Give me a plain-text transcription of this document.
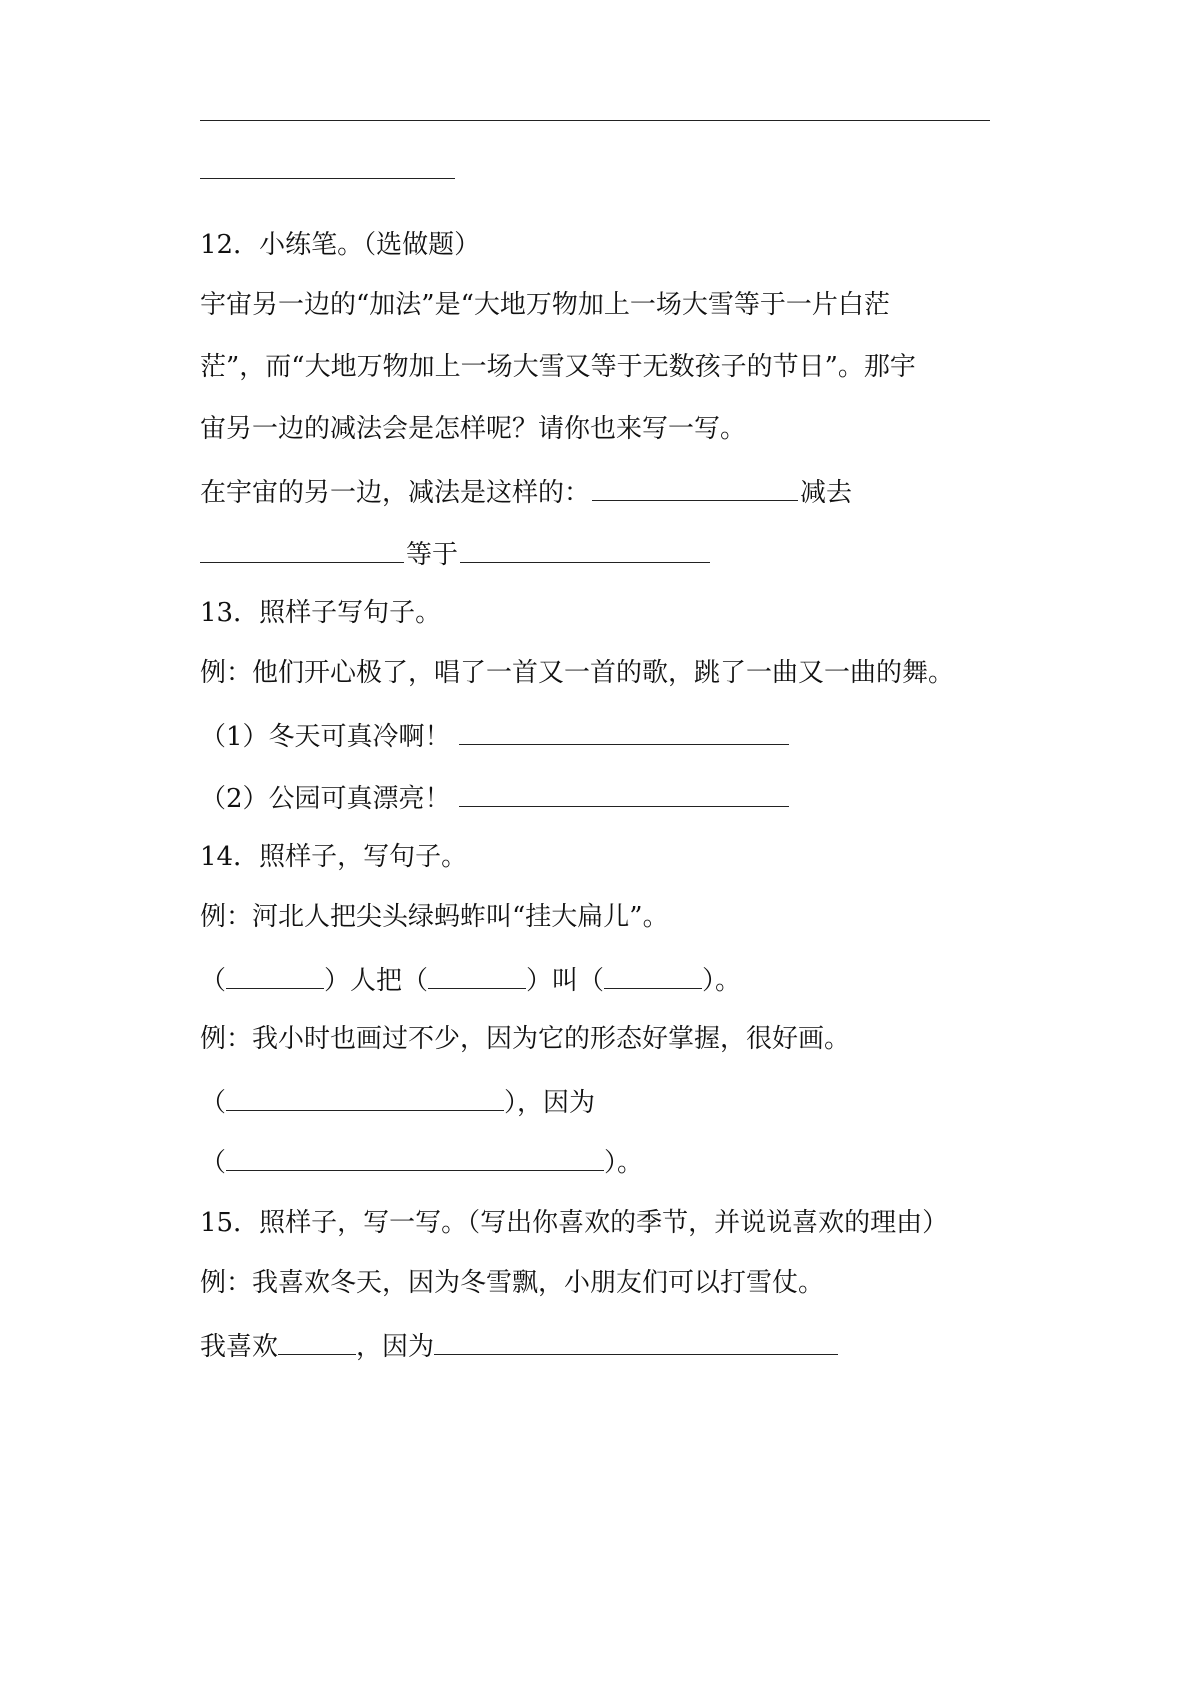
12．小练笔。（选做题）
宇宙另一边的“加法”是“大地万物加上一场大雪等于一片白茫
茫”，而“大地万物加上一场大雪又等于无数孩子的节日”。那宇
宙另一边的减法会是怎样呢？请你也来写一写。
在宇宙的另一边，减法是这样的：	减去
等于
13．照样子写句子。
例：他们开心极了，唱了一首又一首的歌，跳了一曲又一曲的舞。
（1）冬天可真冷啊！
（2）公园可真漂亮！
14．照样子，写句子。
例：河北人把尖头绿蚂蚱叫“挂大扁儿”。
（	）人把（	）叫（	）。
例：我小时也画过不少，因为它的形态好掌握，很好画。
（	），因为
（	）。
15．照样子，写一写。（写出你喜欢的季节，并说说喜欢的理由）
例：我喜欢冬天，因为冬雪飘，小朋友们可以打雪仗。
我喜欢	，因为
